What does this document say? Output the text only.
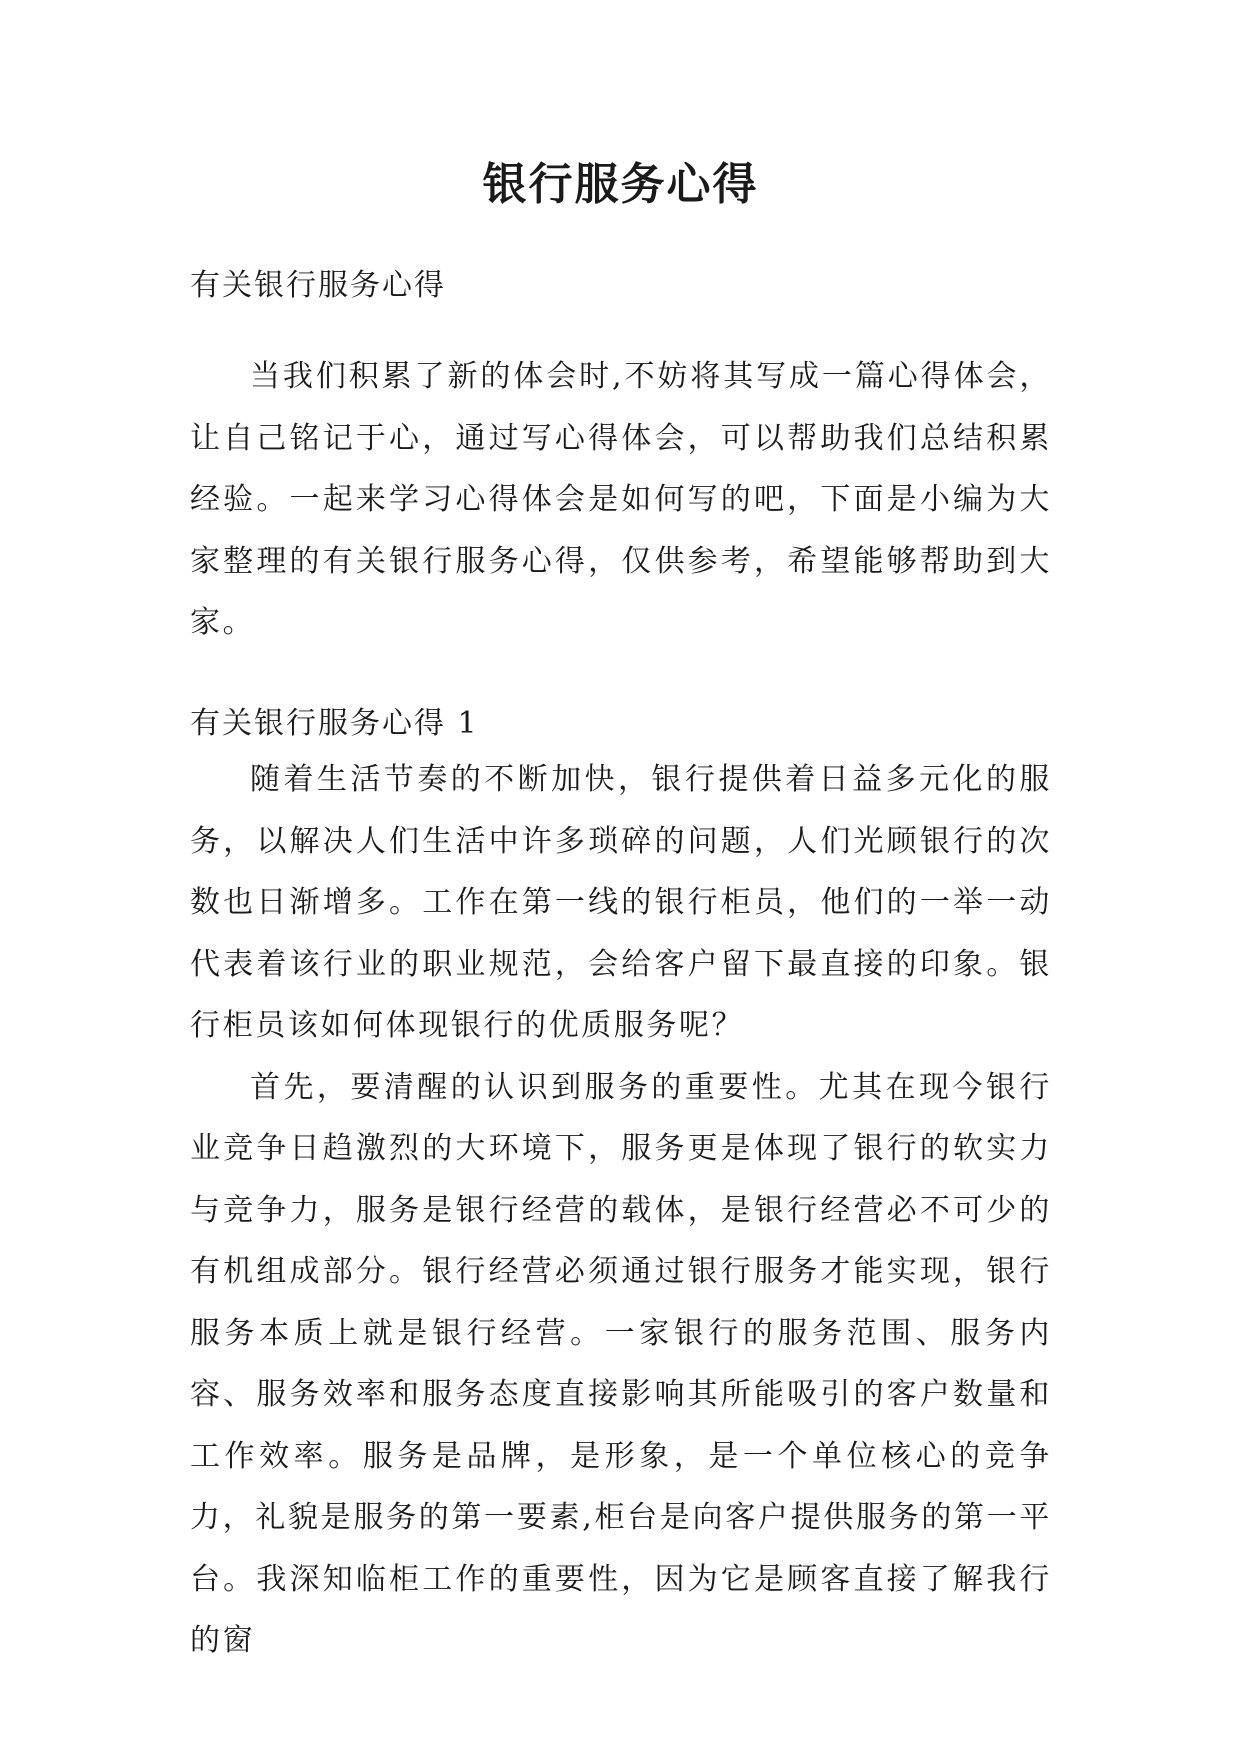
银行服务心得
有关银行服务心得

当我们积累了新的体会时,不妨将其写成一篇心得体会，让自己铭记于心，通过写心得体会，可以帮助我们总结积累经验。一起来学习心得体会是如何写的吧，下面是小编为大家整理的有关银行服务心得，仅供参考，希望能够帮助到大家。

有关银行服务心得 1

随着生活节奏的不断加快，银行提供着日益多元化的服务，以解决人们生活中许多琐碎的问题，人们光顾银行的次数也日渐增多。工作在第一线的银行柜员，他们的一举一动代表着该行业的职业规范，会给客户留下最直接的印象。银行柜员该如何体现银行的优质服务呢？

首先，要清醒的认识到服务的重要性。尤其在现今银行业竞争日趋激烈的大环境下，服务更是体现了银行的软实力与竞争力，服务是银行经营的载体，是银行经营必不可少的有机组成部分。银行经营必须通过银行服务才能实现，银行服务本质上就是银行经营。一家银行的服务范围、服务内容、服务效率和服务态度直接影响其所能吸引的客户数量和工作效率。服务是品牌，是形象，是一个单位核心的竞争力，礼貌是服务的第一要素,柜台是向客户提供服务的第一平台。我深知临柜工作的重要性，因为它是顾客直接了解我行的窗
